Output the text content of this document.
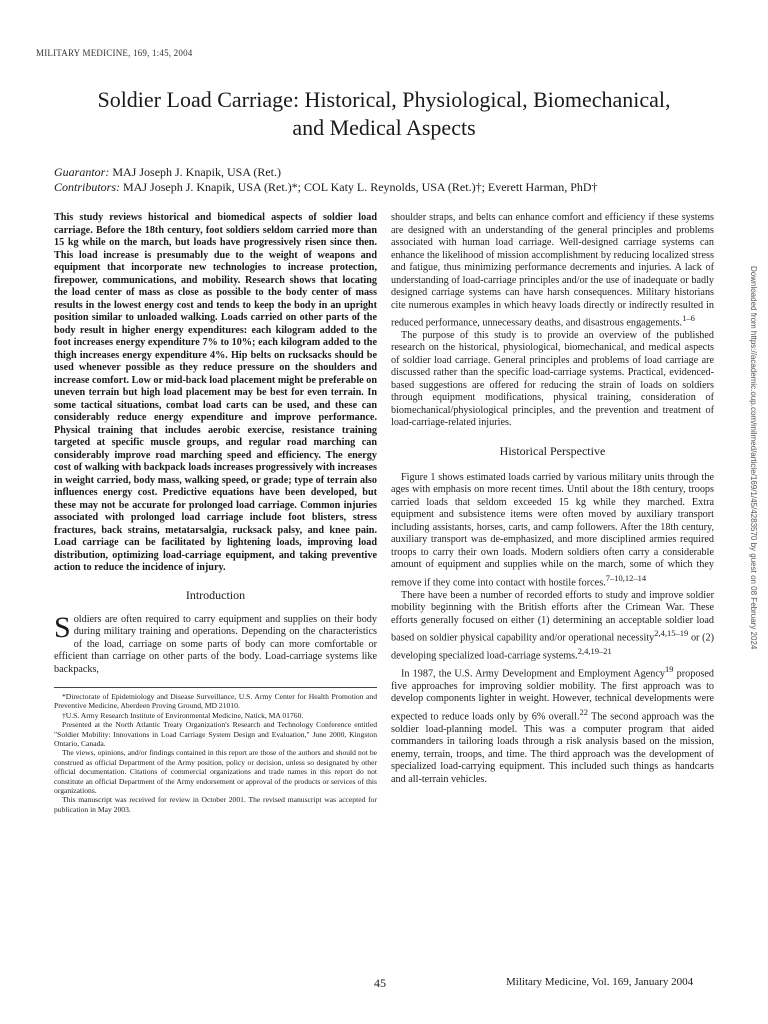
MILITARY MEDICINE, 169, 1:45, 2004
Soldier Load Carriage: Historical, Physiological, Biomechanical,
and Medical Aspects
Guarantor: MAJ Joseph J. Knapik, USA (Ret.)
Contributors: MAJ Joseph J. Knapik, USA (Ret.)*; COL Katy L. Reynolds, USA (Ret.)†; Everett Harman, PhD†

This study reviews historical and biomedical aspects of soldier load carriage. Before the 18th century, foot soldiers seldom carried more than 15 kg while on the march, but loads have progressively risen since then. This load increase is presumably due to the weight of weapons and equipment that incorporate new technologies to increase protection, firepower, communications, and mobility. Research shows that locating the load center of mass as close as possible to the body center of mass results in the lowest energy cost and tends to keep the body in an upright position similar to unloaded walking. Loads carried on other parts of the body result in higher energy expenditures: each kilogram added to the foot increases energy expenditure 7% to 10%; each kilogram added to the thigh increases energy expenditure 4%. Hip belts on rucksacks should be used whenever possible as they reduce pressure on the shoulders and increase comfort. Low or mid-back load placement might be preferable on uneven terrain but high load placement may be best for even terrain. In some tactical situations, combat load carts can be used, and these can considerably reduce energy expenditure and improve performance. Physical training that includes aerobic exercise, resistance training targeted at specific muscle groups, and regular road marching can considerably improve road marching speed and efficiency. The energy cost of walking with backpack loads increases progressively with increases in weight carried, body mass, walking speed, or grade; type of terrain also influences energy cost. Predictive equations have been developed, but these may not be accurate for prolonged load carriage. Common injuries associated with prolonged load carriage include foot blisters, stress fractures, back strains, metatarsalgia, rucksack palsy, and knee pain. Load carriage can be facilitated by lightening loads, improving load distribution, optimizing load-carriage equipment, and taking preventive action to reduce the incidence of injury.

Introduction

Soldiers are often required to carry equipment and supplies on their body during military training and operations. Depending on the characteristics of the load, carriage on some parts of body can more comfortable or efficient than carriage on other parts of the body. Load-carriage systems like backpacks,

*Directorate of Epidemiology and Disease Surveillance, U.S. Army Center for Health Promotion and Preventive Medicine, Aberdeen Proving Ground, MD 21010.

†U.S. Army Research Institute of Environmental Medicine, Natick, MA 01760.

Presented at the North Atlantic Treaty Organization's Research and Technology Conference entitled "Soldier Mobility: Innovations in Load Carriage System Design and Evaluation," June 2000, Kingston Ontario, Canada.

The views, opinions, and/or findings contained in this report are those of the authors and should not be construed as official Department of the Army position, policy or decision, unless so designated by other official documentation. Citations of commercial organizations and trade names in this report do not constitute an official Department of the Army endorsement or approval of the products or services of this organizations.

This manuscript was received for review in October 2001. The revised manuscript was accepted for publication in May 2003.

shoulder straps, and belts can enhance comfort and efficiency if these systems are designed with an understanding of the general principles and problems associated with human load carriage. Well-designed carriage systems can enhance the likelihood of mission accomplishment by reducing localized stress and fatigue, thus minimizing performance decrements and injuries. A lack of understanding of load-carriage principles and/or the use of inadequate or badly designed carriage systems can have harsh consequences. Military historians cite numerous examples in which heavy loads directly or indirectly resulted in reduced performance, unnecessary deaths, and disastrous engagements.$^{1-6}$

The purpose of this study is to provide an overview of the published research on the historical, physiological, biomechanical, and medical aspects of soldier load carriage. General principles and problems of load carriage are discussed rather than the specific load-carriage systems. Practical, evidenced-based suggestions are offered for reducing the strain of loads on soldiers through equipment modifications, physical training, consideration of biomechanical/physiological principles, and the prevention and treatment of load-carriage-related injuries.

Historical Perspective

Figure 1 shows estimated loads carried by various military units through the ages with emphasis on more recent times. Until about the 18th century, troops carried loads that seldom exceeded 15 kg while they marched. Extra equipment and subsistence items were often moved by auxiliary transport including assistants, horses, carts, and camp followers. After the 18th century, auxiliary transport was de-emphasized, and more disciplined armies required troops to carry their own loads. Modern soldiers often carry a considerable amount of equipment and supplies while on the march, some of which they remove if they come into contact with hostile forces.$^{7-10,12-14}$

There have been a number of recorded efforts to study and improve soldier mobility beginning with the British efforts after the Crimean War. These efforts generally focused on either (1) determining an acceptable soldier load based on soldier physical capability and/or operational necessity$^{2,4,15-19}$ or (2) developing specialized load-carriage systems.$^{2,4,19-21}$

In 1987, the U.S. Army Development and Employment Agency$^{19}$ proposed five approaches for improving soldier mobility. The first approach was to develop components lighter in weight. However, technical developments were expected to reduce loads only by 6% overall.$^{22}$ The second approach was the soldier load-planning model. This was a computer program that aided commanders in tailoring loads through a risk analysis based on the mission, enemy, terrain, troops, and time. The third approach was the development of specialized load-carrying equipment. This included such things as handcarts and all-terrain vehicles.

Downloaded from https://academic.oup.com/milmed/article/169/1/45/4283570 by guest on 08 February 2024
45	Military Medicine, Vol. 169, January 2004
